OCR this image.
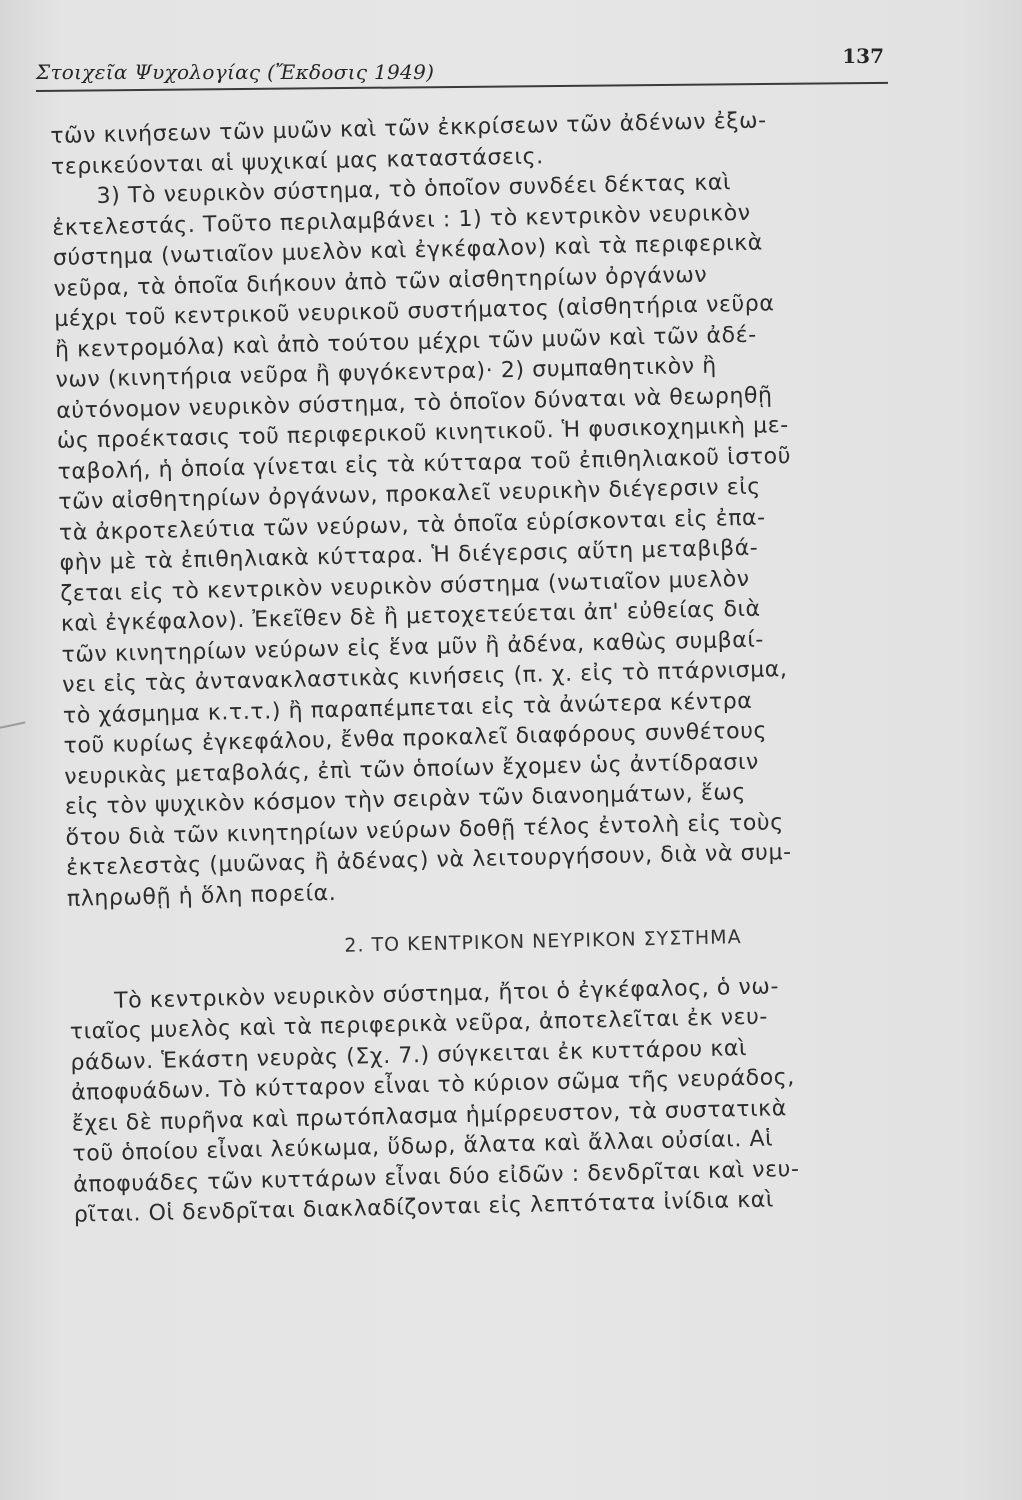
Στοιχεῖα Ψυχολογίας (Ἔκδοσις 1949)
137
τῶν κινήσεων τῶν μυῶν καὶ τῶν ἐκκρίσεων τῶν ἀδένων ἐξω-
τερικεύονται αἱ ψυχικαί μας καταστάσεις.
3) Τὸ νευρικὸν σύστημα, τὸ ὁποῖον συνδέει δέκτας καὶ
ἐκτελεστάς. Τοῦτο περιλαμβάνει : 1) τὸ κεντρικὸν νευρικὸν
σύστημα (νωτιαῖον μυελὸν καὶ ἐγκέφαλον) καὶ τὰ περιφερικὰ
νεῦρα, τὰ ὁποῖα διήκουν ἀπὸ τῶν αἰσθητηρίων ὀργάνων
μέχρι τοῦ κεντρικοῦ νευρικοῦ συστήματος (αἰσθητήρια νεῦρα
ἢ κεντρομόλα) καὶ ἀπὸ τούτου μέχρι τῶν μυῶν καὶ τῶν ἀδέ-
νων (κινητήρια νεῦρα ἢ φυγόκεντρα)· 2) συμπαθητικὸν ἢ
αὐτόνομον νευρικὸν σύστημα, τὸ ὁποῖον δύναται νὰ θεωρηθῇ
ὡς προέκτασις τοῦ περιφερικοῦ κινητικοῦ. Ἡ φυσικοχημικὴ με-
ταβολή, ἡ ὁποία γίνεται εἰς τὰ κύτταρα τοῦ ἐπιθηλιακοῦ ἱστοῦ
τῶν αἰσθητηρίων ὀργάνων, προκαλεῖ νευρικὴν διέγερσιν εἰς
τὰ ἀκροτελεύτια τῶν νεύρων, τὰ ὁποῖα εὑρίσκονται εἰς ἐπα-
φὴν μὲ τὰ ἐπιθηλιακὰ κύτταρα. Ἡ διέγερσις αὕτη μεταβιβά-
ζεται εἰς τὸ κεντρικὸν νευρικὸν σύστημα (νωτιαῖον μυελὸν
καὶ ἐγκέφαλον). Ἐκεῖθεν δὲ ἢ μετοχετεύεται ἀπ' εὐθείας διὰ
τῶν κινητηρίων νεύρων εἰς ἕνα μῦν ἢ ἀδένα, καθὼς συμβαί-
νει εἰς τὰς ἀντανακλαστικὰς κινήσεις (π. χ. εἰς τὸ πτάρνισμα,
τὸ χάσμημα κ.τ.τ.) ἢ παραπέμπεται εἰς τὰ ἀνώτερα κέντρα
τοῦ κυρίως ἐγκεφάλου, ἔνθα προκαλεῖ διαφόρους συνθέτους
νευρικὰς μεταβολάς, ἐπὶ τῶν ὁποίων ἔχομεν ὡς ἀντίδρασιν
εἰς τὸν ψυχικὸν κόσμον τὴν σειρὰν τῶν διανοημάτων, ἕως
ὅτου διὰ τῶν κινητηρίων νεύρων δοθῇ τέλος ἐντολὴ εἰς τοὺς
ἐκτελεστὰς (μυῶνας ἢ ἀδένας) νὰ λειτουργήσουν, διὰ νὰ συμ-
πληρωθῇ ἡ ὅλη πορεία.
2. ΤΟ ΚΕΝΤΡΙΚΟΝ ΝΕΥΡΙΚΟΝ ΣΥΣΤΗΜΑ
Τὸ κεντρικὸν νευρικὸν σύστημα, ἤτοι ὁ ἐγκέφαλος, ὁ νω-
τιαῖος μυελὸς καὶ τὰ περιφερικὰ νεῦρα, ἀποτελεῖται ἐκ νευ-
ράδων. Ἑκάστη νευρὰς (Σχ. 7.) σύγκειται ἐκ κυττάρου καὶ
ἀποφυάδων. Τὸ κύτταρον εἶναι τὸ κύριον σῶμα τῆς νευράδος,
ἔχει δὲ πυρῆνα καὶ πρωτόπλασμα ἡμίρρευστον, τὰ συστατικὰ
τοῦ ὁποίου εἶναι λεύκωμα, ὕδωρ, ἅλατα καὶ ἄλλαι οὐσίαι. Αἱ
ἀποφυάδες τῶν κυττάρων εἶναι δύο εἰδῶν : δενδρῖται καὶ νευ-
ρῖται. Οἱ δενδρῖται διακλαδίζονται εἰς λεπτότατα ἰνίδια καὶ
